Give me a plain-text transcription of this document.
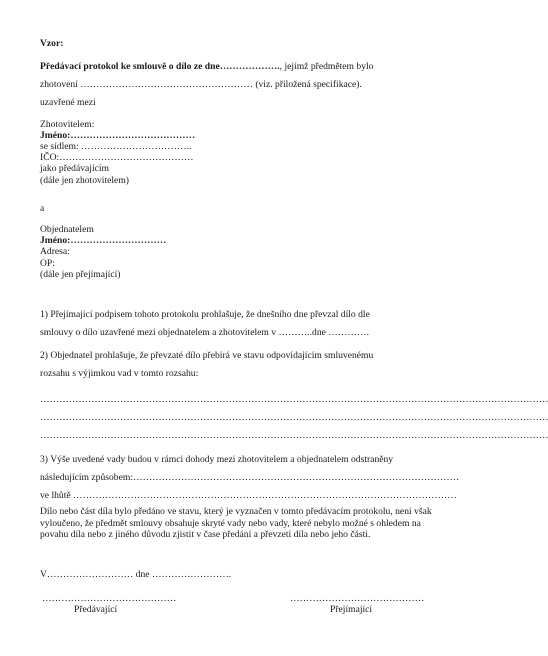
Vzor:

Předávací protokol ke smlouvě o dílo ze dne………………., jejímž předmětem bylo

zhotovení ……………………………………………… (viz. přiložená specifikace).

uzavřené mezi

Zhotovitelem:

Jméno:…………………………………

se sídlem: ……………………………..

IČO:……………………………………

jako předávajícím

(dále jen zhotovitelem)

a

Objednatelem

Jméno:…………………………

Adresa:

OP:

(dále jen přejímající)

1) Přejímající podpisem tohoto protokolu prohlašuje, že dnešního dne převzal dílo dle

smlouvy o dílo uzavřené mezi objednatelem a zhotovitelem v ………..dne ………….

2) Objednatel prohlašuje, že převzaté dílo přebírá ve stavu odpovídajícím smluvenému

rozsahu s výjimkou vad v tomto rozsahu:

……………………………………………………………………………………………………………………………………………
……………………………………………………………………………………………………………………………………………
……………………………………………………………………………………………………………………………………………

3) Výše uvedené vady budou v rámci dohody mezi zhotovitelem a objednatelem odstraněny

následujícím způsobem:…………………………………………………………………………………………
ve lhůtě …………………………………………………………………………………………………………

Dílo nebo část díla bylo předáno ve stavu, který je vyznačen v tomto předávacím protokolu, není však vyloučeno, že předmět smlouvy obsahuje skryté vady nebo vady, které nebylo možné s ohledem na povahu díla nebo z jiného důvodu zjistit v čase předání a převzetí díla nebo jeho části.

V……………………… dne …………………….

……………………………………	……………………………………
Předávající	Přejímající
